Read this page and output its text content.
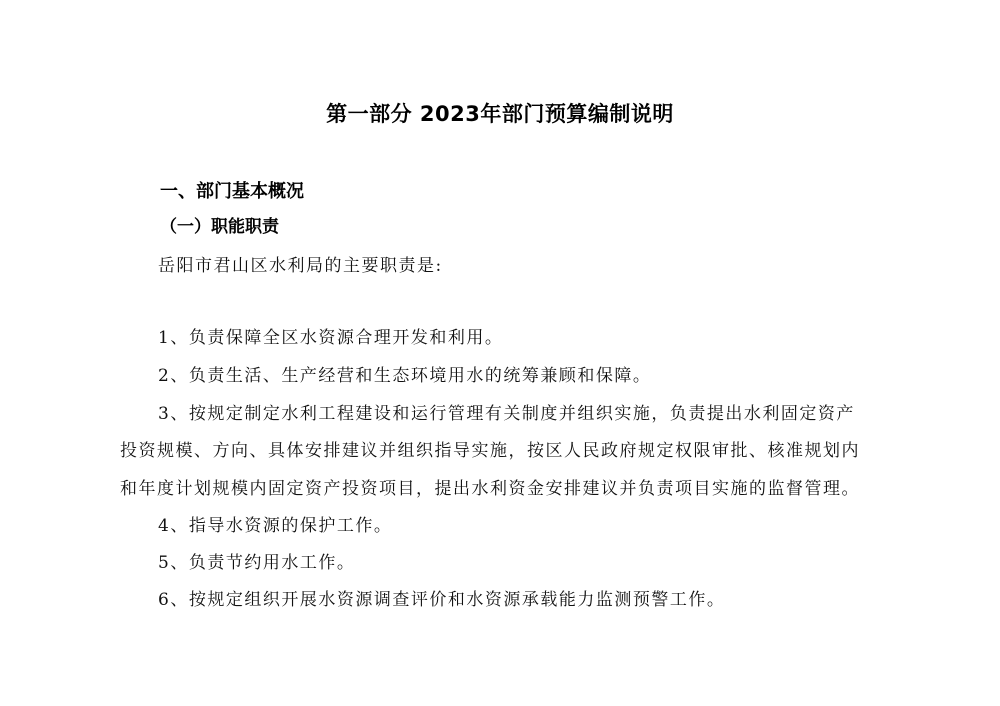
第一部分 2023年部门预算编制说明
一、部门基本概况
（一）职能职责
岳阳市君山区水利局的主要职责是:
1、负责保障全区水资源合理开发和利用。
2、负责生活、生产经营和生态环境用水的统筹兼顾和保障。
3、按规定制定水利工程建设和运行管理有关制度并组织实施，负责提出水利固定资产
投资规模、方向、具体安排建议并组织指导实施，按区人民政府规定权限审批、核准规划内
和年度计划规模内固定资产投资项目，提出水利资金安排建议并负责项目实施的监督管理。
4、指导水资源的保护工作。
5、负责节约用水工作。
6、按规定组织开展水资源调查评价和水资源承载能力监测预警工作。
